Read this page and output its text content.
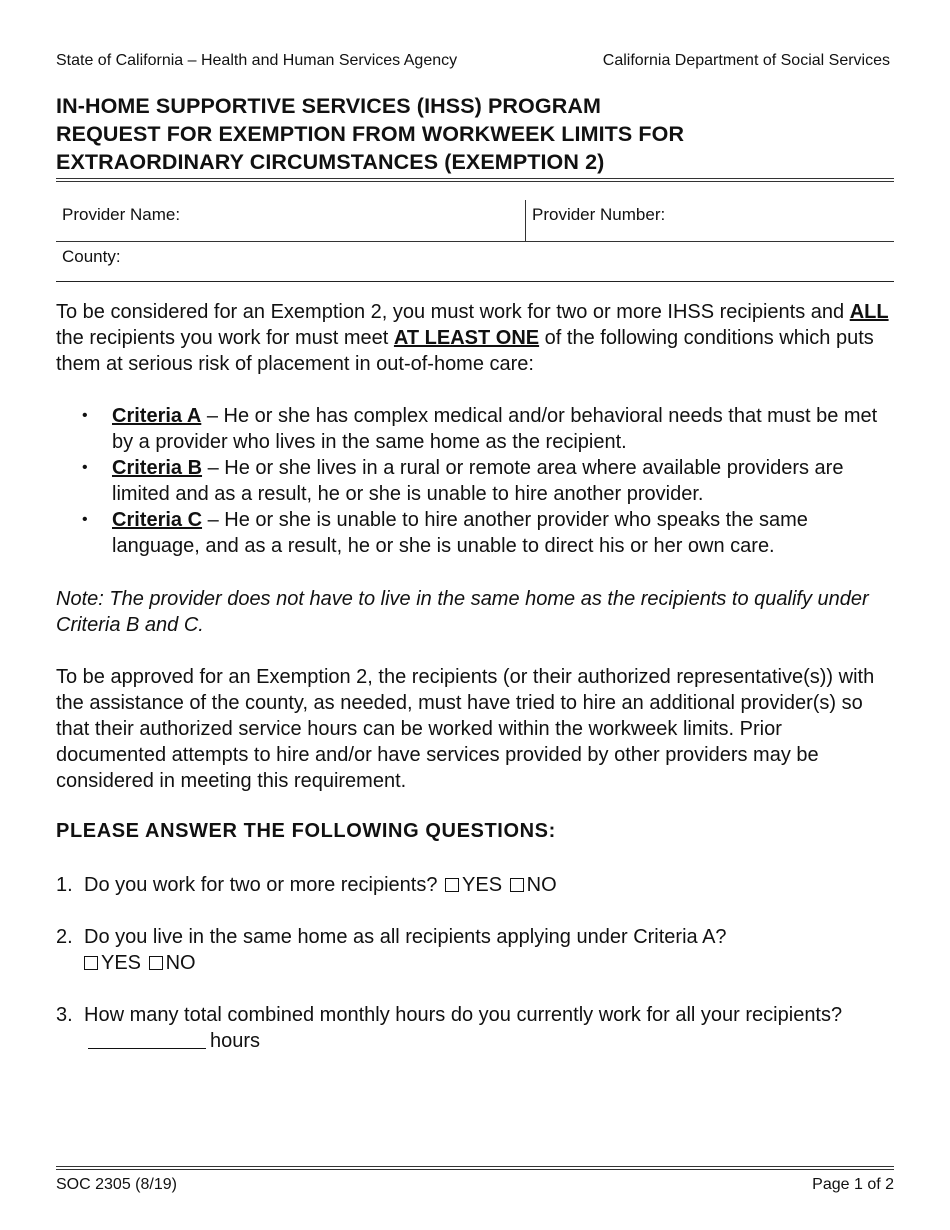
State of California – Health and Human Services Agency	California Department of Social Services
IN-HOME SUPPORTIVE SERVICES (IHSS) PROGRAM
REQUEST FOR EXEMPTION FROM WORKWEEK LIMITS FOR
EXTRAORDINARY CIRCUMSTANCES (EXEMPTION 2)
Provider Name:	Provider Number:
County:
To be considered for an Exemption 2, you must work for two or more IHSS recipients and ALL the recipients you work for must meet AT LEAST ONE of the following conditions which puts them at serious risk of placement in out-of-home care:
• Criteria A – He or she has complex medical and/or behavioral needs that must be met by a provider who lives in the same home as the recipient.
• Criteria B – He or she lives in a rural or remote area where available providers are limited and as a result, he or she is unable to hire another provider.
• Criteria C – He or she is unable to hire another provider who speaks the same language, and as a result, he or she is unable to direct his or her own care.
Note: The provider does not have to live in the same home as the recipients to qualify under Criteria B and C.
To be approved for an Exemption 2, the recipients (or their authorized representative(s)) with the assistance of the county, as needed, must have tried to hire an additional provider(s) so that their authorized service hours can be worked within the workweek limits. Prior documented attempts to hire and/or have services provided by other providers may be considered in meeting this requirement.
PLEASE ANSWER THE FOLLOWING QUESTIONS:
1. Do you work for two or more recipients? YES NO
2. Do you live in the same home as all recipients applying under Criteria A?
YES NO
3. How many total combined monthly hours do you currently work for all your recipients?hours
SOC 2305 (8/19)	Page 1 of 2
